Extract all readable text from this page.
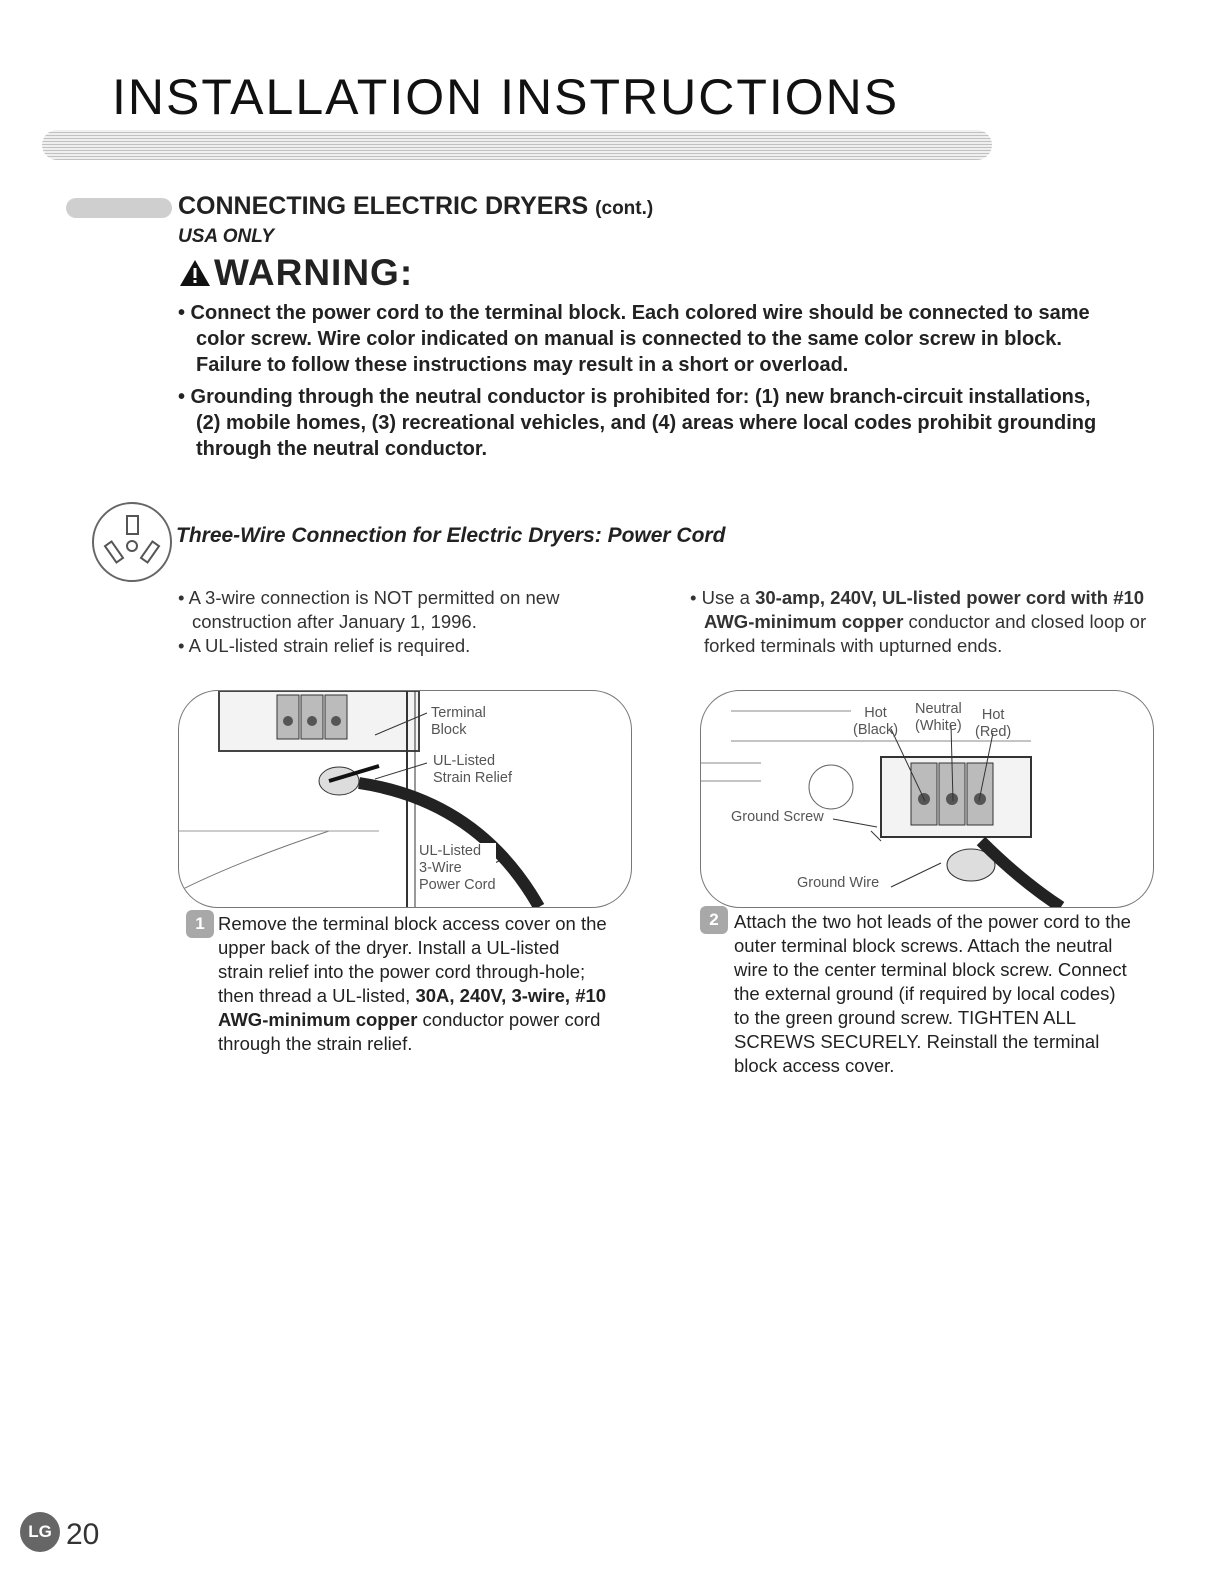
INSTALLATION INSTRUCTIONS
CONNECTING ELECTRIC DRYERS (cont.)
USA ONLY
WARNING:
• Connect the power cord to the terminal block. Each colored wire should be connected to same color screw. Wire color indicated on manual is connected to the same color screw in block. Failure to follow these instructions may result in a short or overload.
• Grounding through the neutral conductor is prohibited for: (1) new branch-circuit installations, (2) mobile homes, (3) recreational vehicles, and (4) areas where local codes prohibit grounding through the neutral conductor.
Three-Wire Connection for Electric Dryers: Power Cord
• A 3-wire connection is NOT permitted on new construction after January 1, 1996.
• A UL-listed strain relief is required.
• Use a 30-amp, 240V, UL-listed power cord with #10 AWG-minimum copper conductor and closed loop or forked terminals with upturned ends.
Terminal Block
UL-Listed
Strain Relief
UL-Listed
3-Wire
Power Cord
Hot
(Black)
Neutral
(White)
Hot
(Red)
Ground Screw
Ground Wire
1 Remove the terminal block access cover on the upper back of the dryer. Install a UL-listed strain relief into the power cord through-hole; then thread a UL-listed, 30A, 240V, 3-wire, #10 AWG-minimum copper conductor power cord through the strain relief.
2 Attach the two hot leads of the power cord to the outer terminal block screws. Attach the neutral wire to the center terminal block screw. Connect the external ground (if required by local codes) to the green ground screw. TIGHTEN ALL SCREWS SECURELY. Reinstall the terminal block access cover.
LG 20
